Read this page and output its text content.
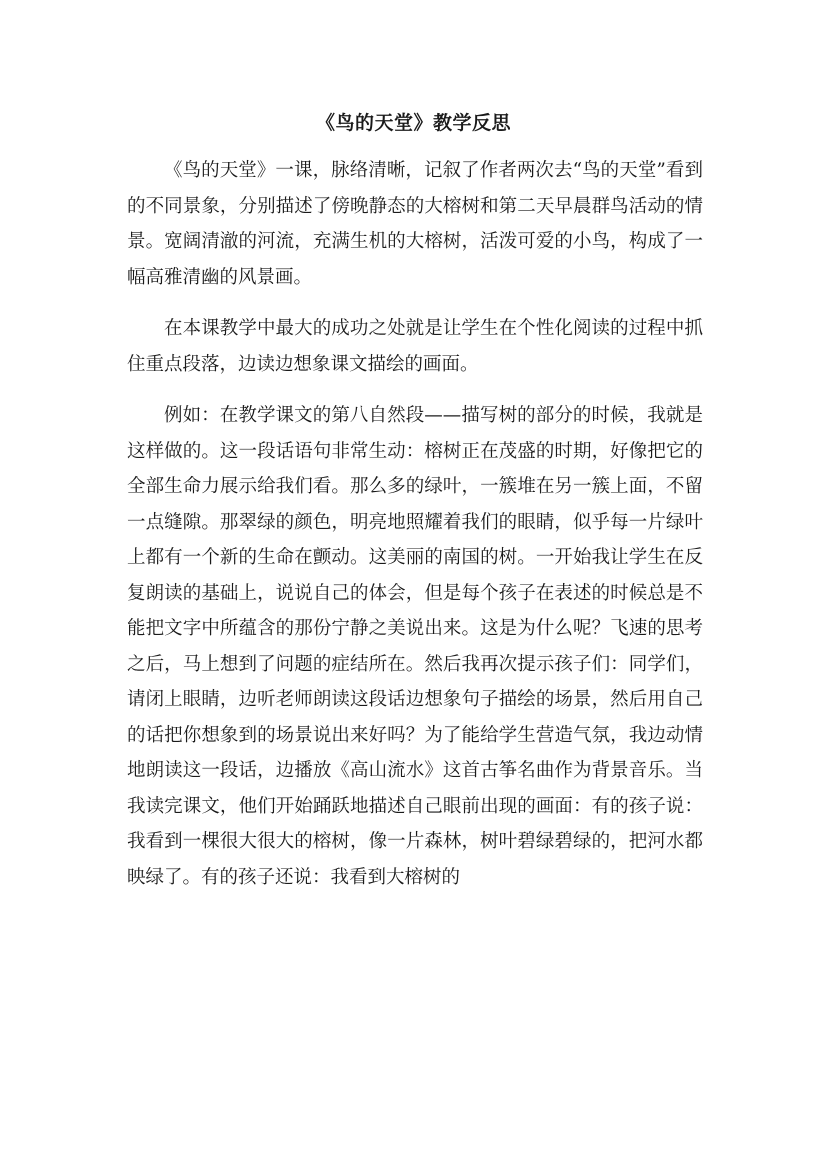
《鸟的天堂》教学反思

《鸟的天堂》一课，脉络清晰，记叙了作者两次去“鸟的天堂”看到的不同景象，分别描述了傍晚静态的大榕树和第二天早晨群鸟活动的情景。宽阔清澈的河流，充满生机的大榕树，活泼可爱的小鸟，构成了一幅高雅清幽的风景画。

在本课教学中最大的成功之处就是让学生在个性化阅读的过程中抓住重点段落，边读边想象课文描绘的画面。

例如：在教学课文的第八自然段——描写树的部分的时候，我就是这样做的。这一段话语句非常生动：榕树正在茂盛的时期，好像把它的全部生命力展示给我们看。那么多的绿叶，一簇堆在另一簇上面，不留一点缝隙。那翠绿的颜色，明亮地照耀着我们的眼睛，似乎每一片绿叶上都有一个新的生命在颤动。这美丽的南国的树。一开始我让学生在反复朗读的基础上，说说自己的体会，但是每个孩子在表述的时候总是不能把文字中所蕴含的那份宁静之美说出来。这是为什么呢？飞速的思考之后，马上想到了问题的症结所在。然后我再次提示孩子们：同学们，请闭上眼睛，边听老师朗读这段话边想象句子描绘的场景，然后用自己的话把你想象到的场景说出来好吗？为了能给学生营造气氛，我边动情地朗读这一段话，边播放《高山流水》这首古筝名曲作为背景音乐。当我读完课文，他们开始踊跃地描述自己眼前出现的画面：有的孩子说：我看到一棵很大很大的榕树，像一片森林，树叶碧绿碧绿的，把河水都映绿了。有的孩子还说：我看到大榕树的
